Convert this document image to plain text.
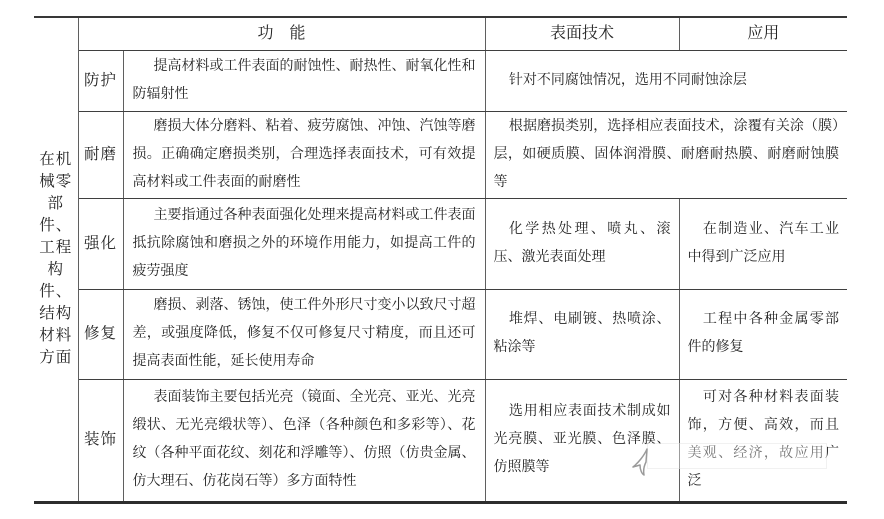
在机
械零
部件、
工程
构件、
结构
材料
方面
	功　能	表面技术	应用
	防护	提高材料或工件表面的耐蚀性、耐热性、耐氧化性和防辐射性	针对不同腐蚀情况，选用不同耐蚀涂层	
	耐磨	磨损大体分磨料、粘着、疲劳腐蚀、冲蚀、汽蚀等磨损。正确确定磨损类别，合理选择表面技术，可有效提高材料或工件表面的耐磨性	根据磨损类别，选择相应表面技术，涂覆有关涂（膜）层，如硬质膜、固体润滑膜、耐磨耐热膜、耐磨耐蚀膜等	
	强化	主要指通过各种表面强化处理来提高材料或工件表面抵抗除腐蚀和磨损之外的环境作用能力，如提高工件的疲劳强度	化学热处理、喷丸、滚压、激光表面处理	在制造业、汽车工业中得到广泛应用
	修复	磨损、剥落、锈蚀，使工件外形尺寸变小以致尺寸超差，或强度降低，修复不仅可修复尺寸精度，而且还可提高表面性能，延长使用寿命	堆焊、电刷镀、热喷涂、粘涂等	工程中各种金属零部件的修复
	装饰	表面装饰主要包括光亮（镜面、全光亮、亚光、光亮缎状、无光亮缎状等）、色泽（各种颜色和多彩等）、花纹（各种平面花纹、刻花和浮雕等）、仿照（仿贵金属、仿大理石、仿花岗石等）多方面特性	选用相应表面技术制成如光亮膜、亚光膜、色泽膜、仿照膜等	可对各种材料表面装饰，方便、高效，而且美观、经济，故应用广泛
